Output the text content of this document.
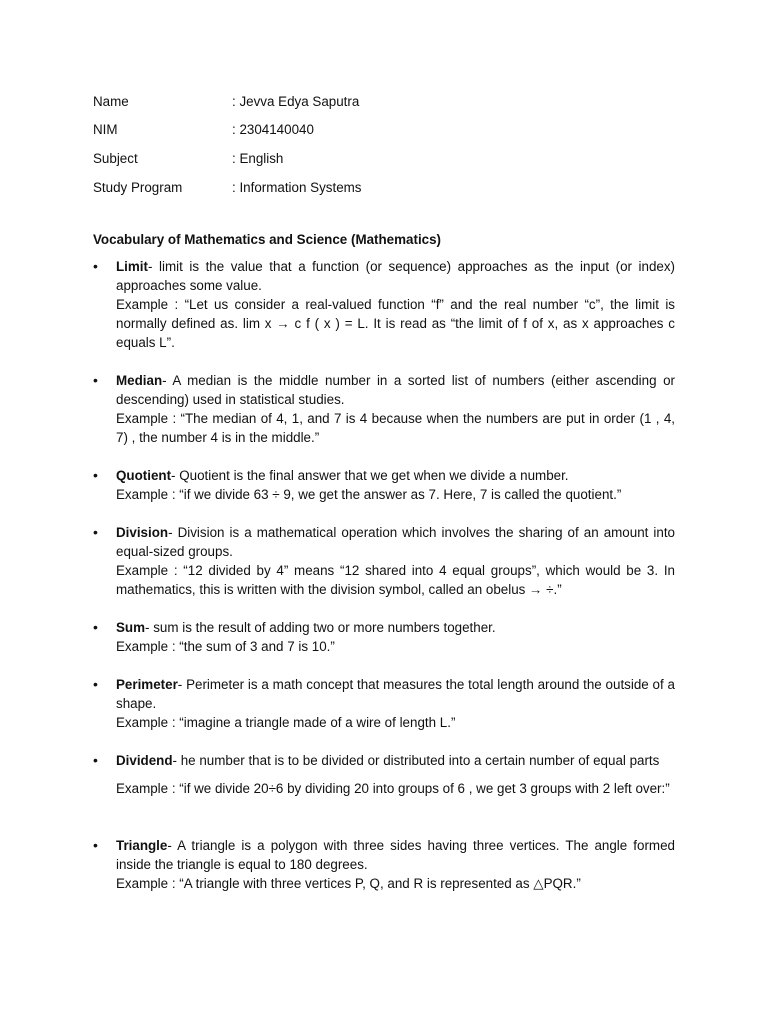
Name	: Jevva Edya Saputra
NIM	: 2304140040
Subject	: English
Study Program	: Information Systems
Vocabulary of Mathematics and Science (Mathematics)
• Limit- limit is the value that a function (or sequence) approaches as the input (or index) approaches some value.
Example : “Let us consider a real-valued function “f” and the real number “c”, the limit is normally defined as. lim x → c f ( x ) = L. It is read as “the limit of f of x, as x approaches c equals L”.
• Median- A median is the middle number in a sorted list of numbers (either ascending or descending) used in statistical studies.
Example : “The median of 4, 1, and 7 is 4 because when the numbers are put in order (1 , 4, 7) , the number 4 is in the middle.”
• Quotient- Quotient is the final answer that we get when we divide a number.
Example : “if we divide 63 ÷ 9, we get the answer as 7. Here, 7 is called the quotient.”
• Division- Division is a mathematical operation which involves the sharing of an amount into equal-sized groups.
Example : “12 divided by 4” means “12 shared into 4 equal groups”, which would be 3. In mathematics, this is written with the division symbol, called an obelus → ÷.”
• Sum- sum is the result of adding two or more numbers together.
Example : “the sum of 3 and 7 is 10.”
• Perimeter- Perimeter is a math concept that measures the total length around the outside of a shape.
Example : “imagine a triangle made of a wire of length L.”
• Dividend- he number that is to be divided or distributed into a certain number of equal parts
Example : “if we divide 20÷6 by dividing 20 into groups of 6 , we get 3 groups with 2 left over:”
• Triangle- A triangle is a polygon with three sides having three vertices. The angle formed inside the triangle is equal to 180 degrees.
Example : “A triangle with three vertices P, Q, and R is represented as △PQR.”
